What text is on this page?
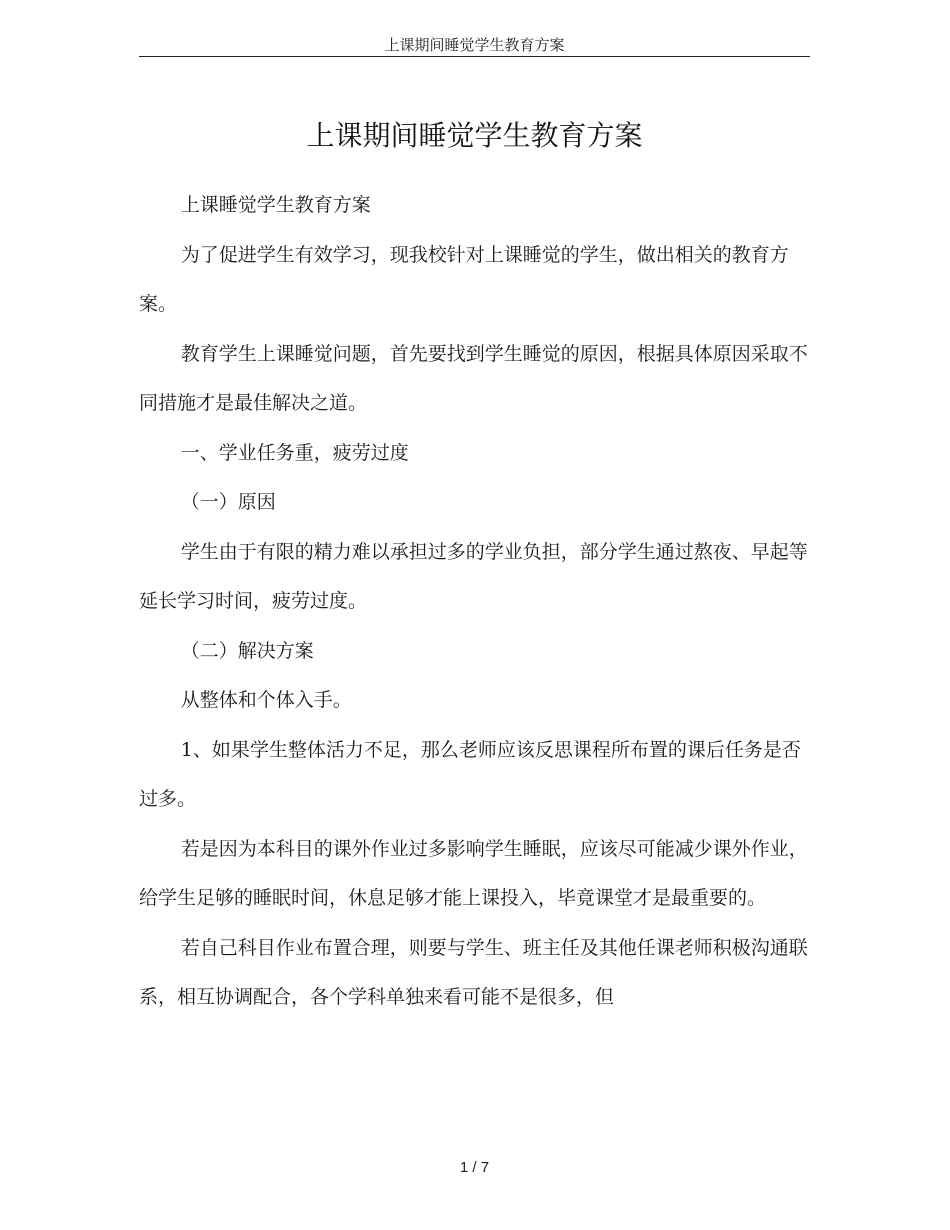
上课期间睡觉学生教育方案
上课期间睡觉学生教育方案

上课睡觉学生教育方案

为了促进学生有效学习，现我校针对上课睡觉的学生，做出相关的教育方案。

教育学生上课睡觉问题，首先要找到学生睡觉的原因，根据具体原因采取不同措施才是最佳解决之道。

一、学业任务重，疲劳过度

（一）原因

学生由于有限的精力难以承担过多的学业负担，部分学生通过熬夜、早起等延长学习时间，疲劳过度。

（二）解决方案

从整体和个体入手。

1、如果学生整体活力不足，那么老师应该反思课程所布置的课后任务是否过多。

若是因为本科目的课外作业过多影响学生睡眠，应该尽可能减少课外作业，给学生足够的睡眠时间，休息足够才能上课投入，毕竟课堂才是最重要的。

若自己科目作业布置合理，则要与学生、班主任及其他任课老师积极沟通联系，相互协调配合，各个学科单独来看可能不是很多，但

1 / 7
